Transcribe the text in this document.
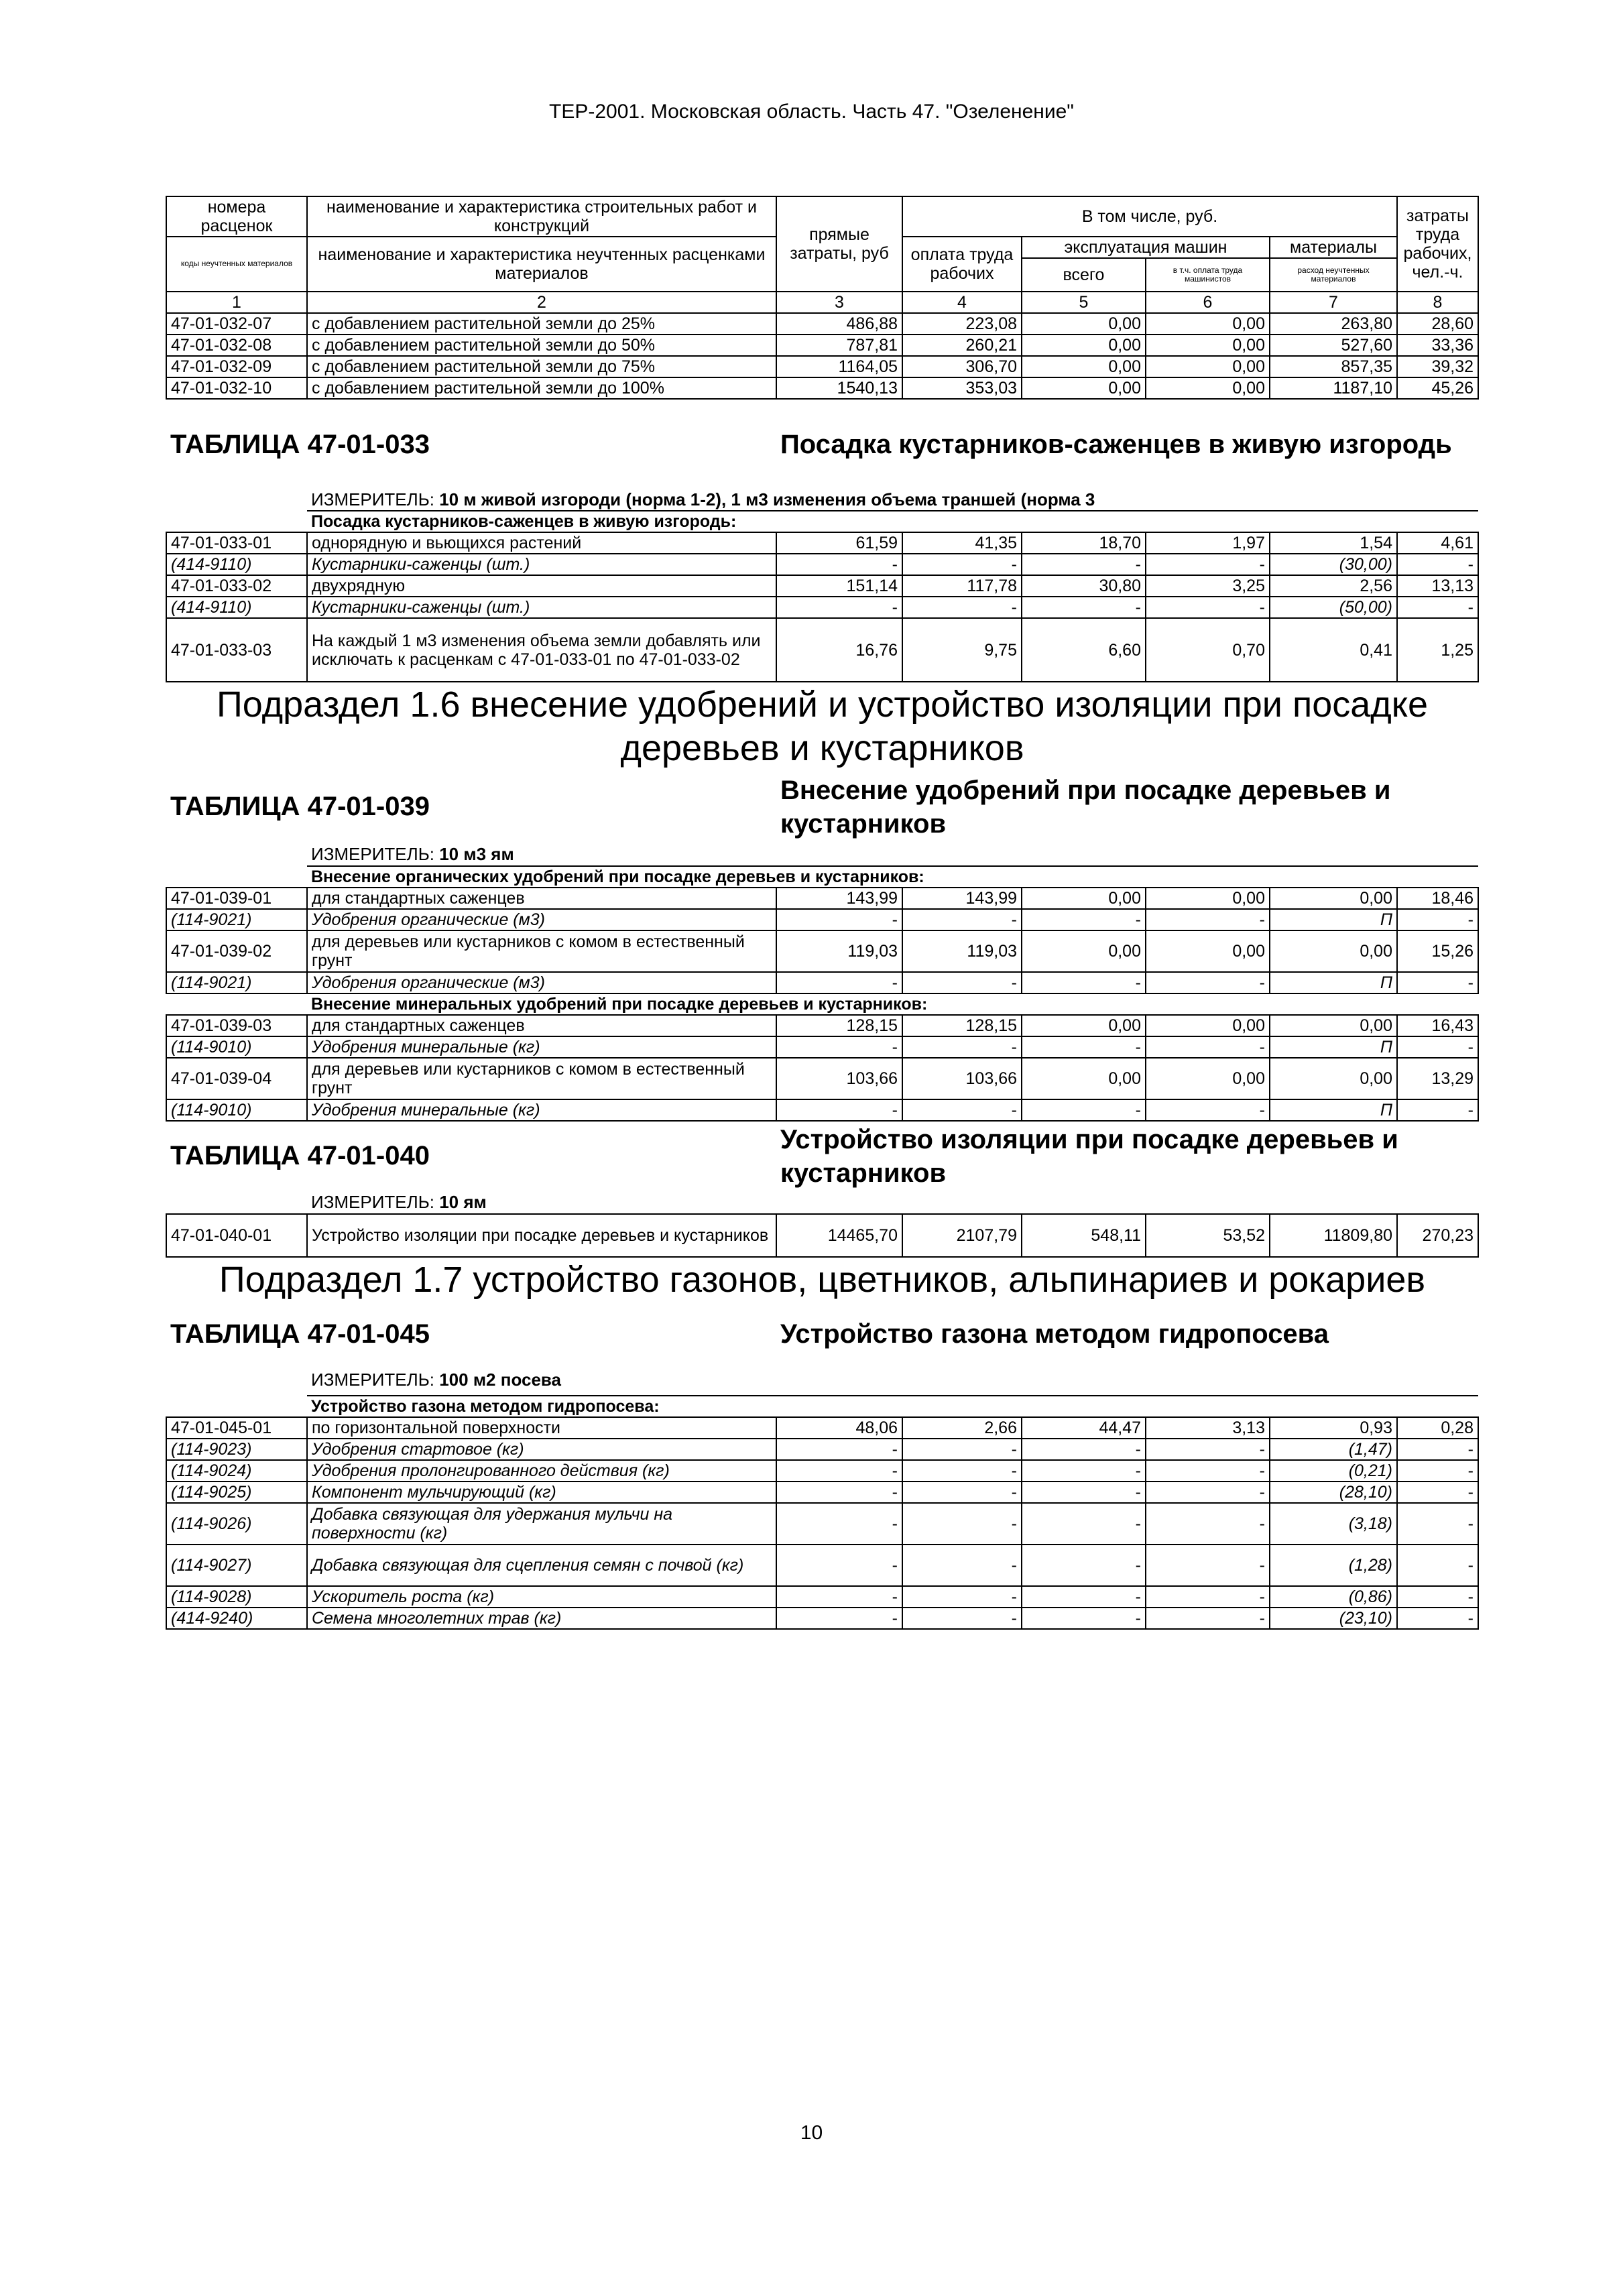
ТЕР-2001. Московская область. Часть 47. "Озеленение"
номера расценок	наименование и характеристика строительных работ и конструкций	прямые затраты, руб	В том числе, руб.				затраты труда рабочих, чел.-ч.
коды неучтенных материалов	наименование и характеристика неучтенных расценками материалов		оплата труда рабочих	эксплуатация машин		материалы	
				всего	в т.ч. оплата труда машинистов	расход неучтенных материалов	
1	2	3	4	5	6	7	8
47-01-032-07	с добавлением растительной земли до 25%	486,88	223,08	0,00	0,00	263,80	28,60
47-01-032-08	с добавлением растительной земли до 50%	787,81	260,21	0,00	0,00	527,60	33,36
47-01-032-09	с добавлением растительной земли до 75%	1164,05	306,70	0,00	0,00	857,35	39,32
47-01-032-10	с добавлением растительной земли до 100%	1540,13	353,03	0,00	0,00	1187,10	45,26
ТАБЛИЦА 47-01-033		Посадка кустарников-саженцев в живую изгородь					
	ИЗМЕРИТЕЛЬ: 10 м живой изгороди (норма 1-2), 1 м3 изменения объема траншей (норма 3						
	Посадка кустарников-саженцев в живую изгородь:						
47-01-033-01	однорядную и вьющихся растений	61,59	41,35	18,70	1,97	1,54	4,61
(414-9110)	Кустарники-саженцы (шт.)	-	-	-	-	(30,00)	-
47-01-033-02	двухрядную	151,14	117,78	30,80	3,25	2,56	13,13
(414-9110)	Кустарники-саженцы (шт.)	-	-	-	-	(50,00)	-
47-01-033-03	На каждый 1 м3 изменения объема земли добавлять или исключать к расценкам с 47-01-033-01 по 47-01-033-02	16,76	9,75	6,60	0,70	0,41	1,25
Подраздел 1.6 внесение удобрений и устройство изоляции при посадке деревьев и кустарников							
ТАБЛИЦА 47-01-039		Внесение удобрений при посадке деревьев и кустарников					
	ИЗМЕРИТЕЛЬ: 10 м3 ям						
	Внесение органических удобрений при посадке деревьев и кустарников:						
47-01-039-01	для стандартных саженцев	143,99	143,99	0,00	0,00	0,00	18,46
(114-9021)	Удобрения органические (м3)	-	-	-	-	П	-
47-01-039-02	для деревьев или кустарников с комом в естественный грунт	119,03	119,03	0,00	0,00	0,00	15,26
(114-9021)	Удобрения органические (м3)	-	-	-	-	П	-
	Внесение минеральных удобрений при посадке деревьев и кустарников:						
47-01-039-03	для стандартных саженцев	128,15	128,15	0,00	0,00	0,00	16,43
(114-9010)	Удобрения минеральные (кг)	-	-	-	-	П	-
47-01-039-04	для деревьев или кустарников с комом в естественный грунт	103,66	103,66	0,00	0,00	0,00	13,29
(114-9010)	Удобрения минеральные (кг)	-	-	-	-	П	-
ТАБЛИЦА 47-01-040		Устройство изоляции при посадке деревьев и кустарников					
	ИЗМЕРИТЕЛЬ: 10 ям						
47-01-040-01	Устройство изоляции при посадке деревьев и кустарников	14465,70	2107,79	548,11	53,52	11809,80	270,23
Подраздел 1.7 устройство газонов, цветников, альпинариев и рокариев							
ТАБЛИЦА 47-01-045		Устройство газона методом гидропосева					
	ИЗМЕРИТЕЛЬ: 100 м2 посева						
	Устройство газона методом гидропосева:						
47-01-045-01	по горизонтальной поверхности	48,06	2,66	44,47	3,13	0,93	0,28
(114-9023)	Удобрения стартовое (кг)	-	-	-	-	(1,47)	-
(114-9024)	Удобрения пролонгированного действия (кг)	-	-	-	-	(0,21)	-
(114-9025)	Компонент мульчирующий (кг)	-	-	-	-	(28,10)	-
(114-9026)	Добавка связующая для удержания мульчи на поверхности (кг)	-	-	-	-	(3,18)	-
(114-9027)	Добавка связующая для сцепления семян с почвой (кг)	-	-	-	-	(1,28)	-
(114-9028)	Ускоритель роста (кг)	-	-	-	-	(0,86)	-
(414-9240)	Семена многолетних трав (кг)	-	-	-	-	(23,10)	-
10
